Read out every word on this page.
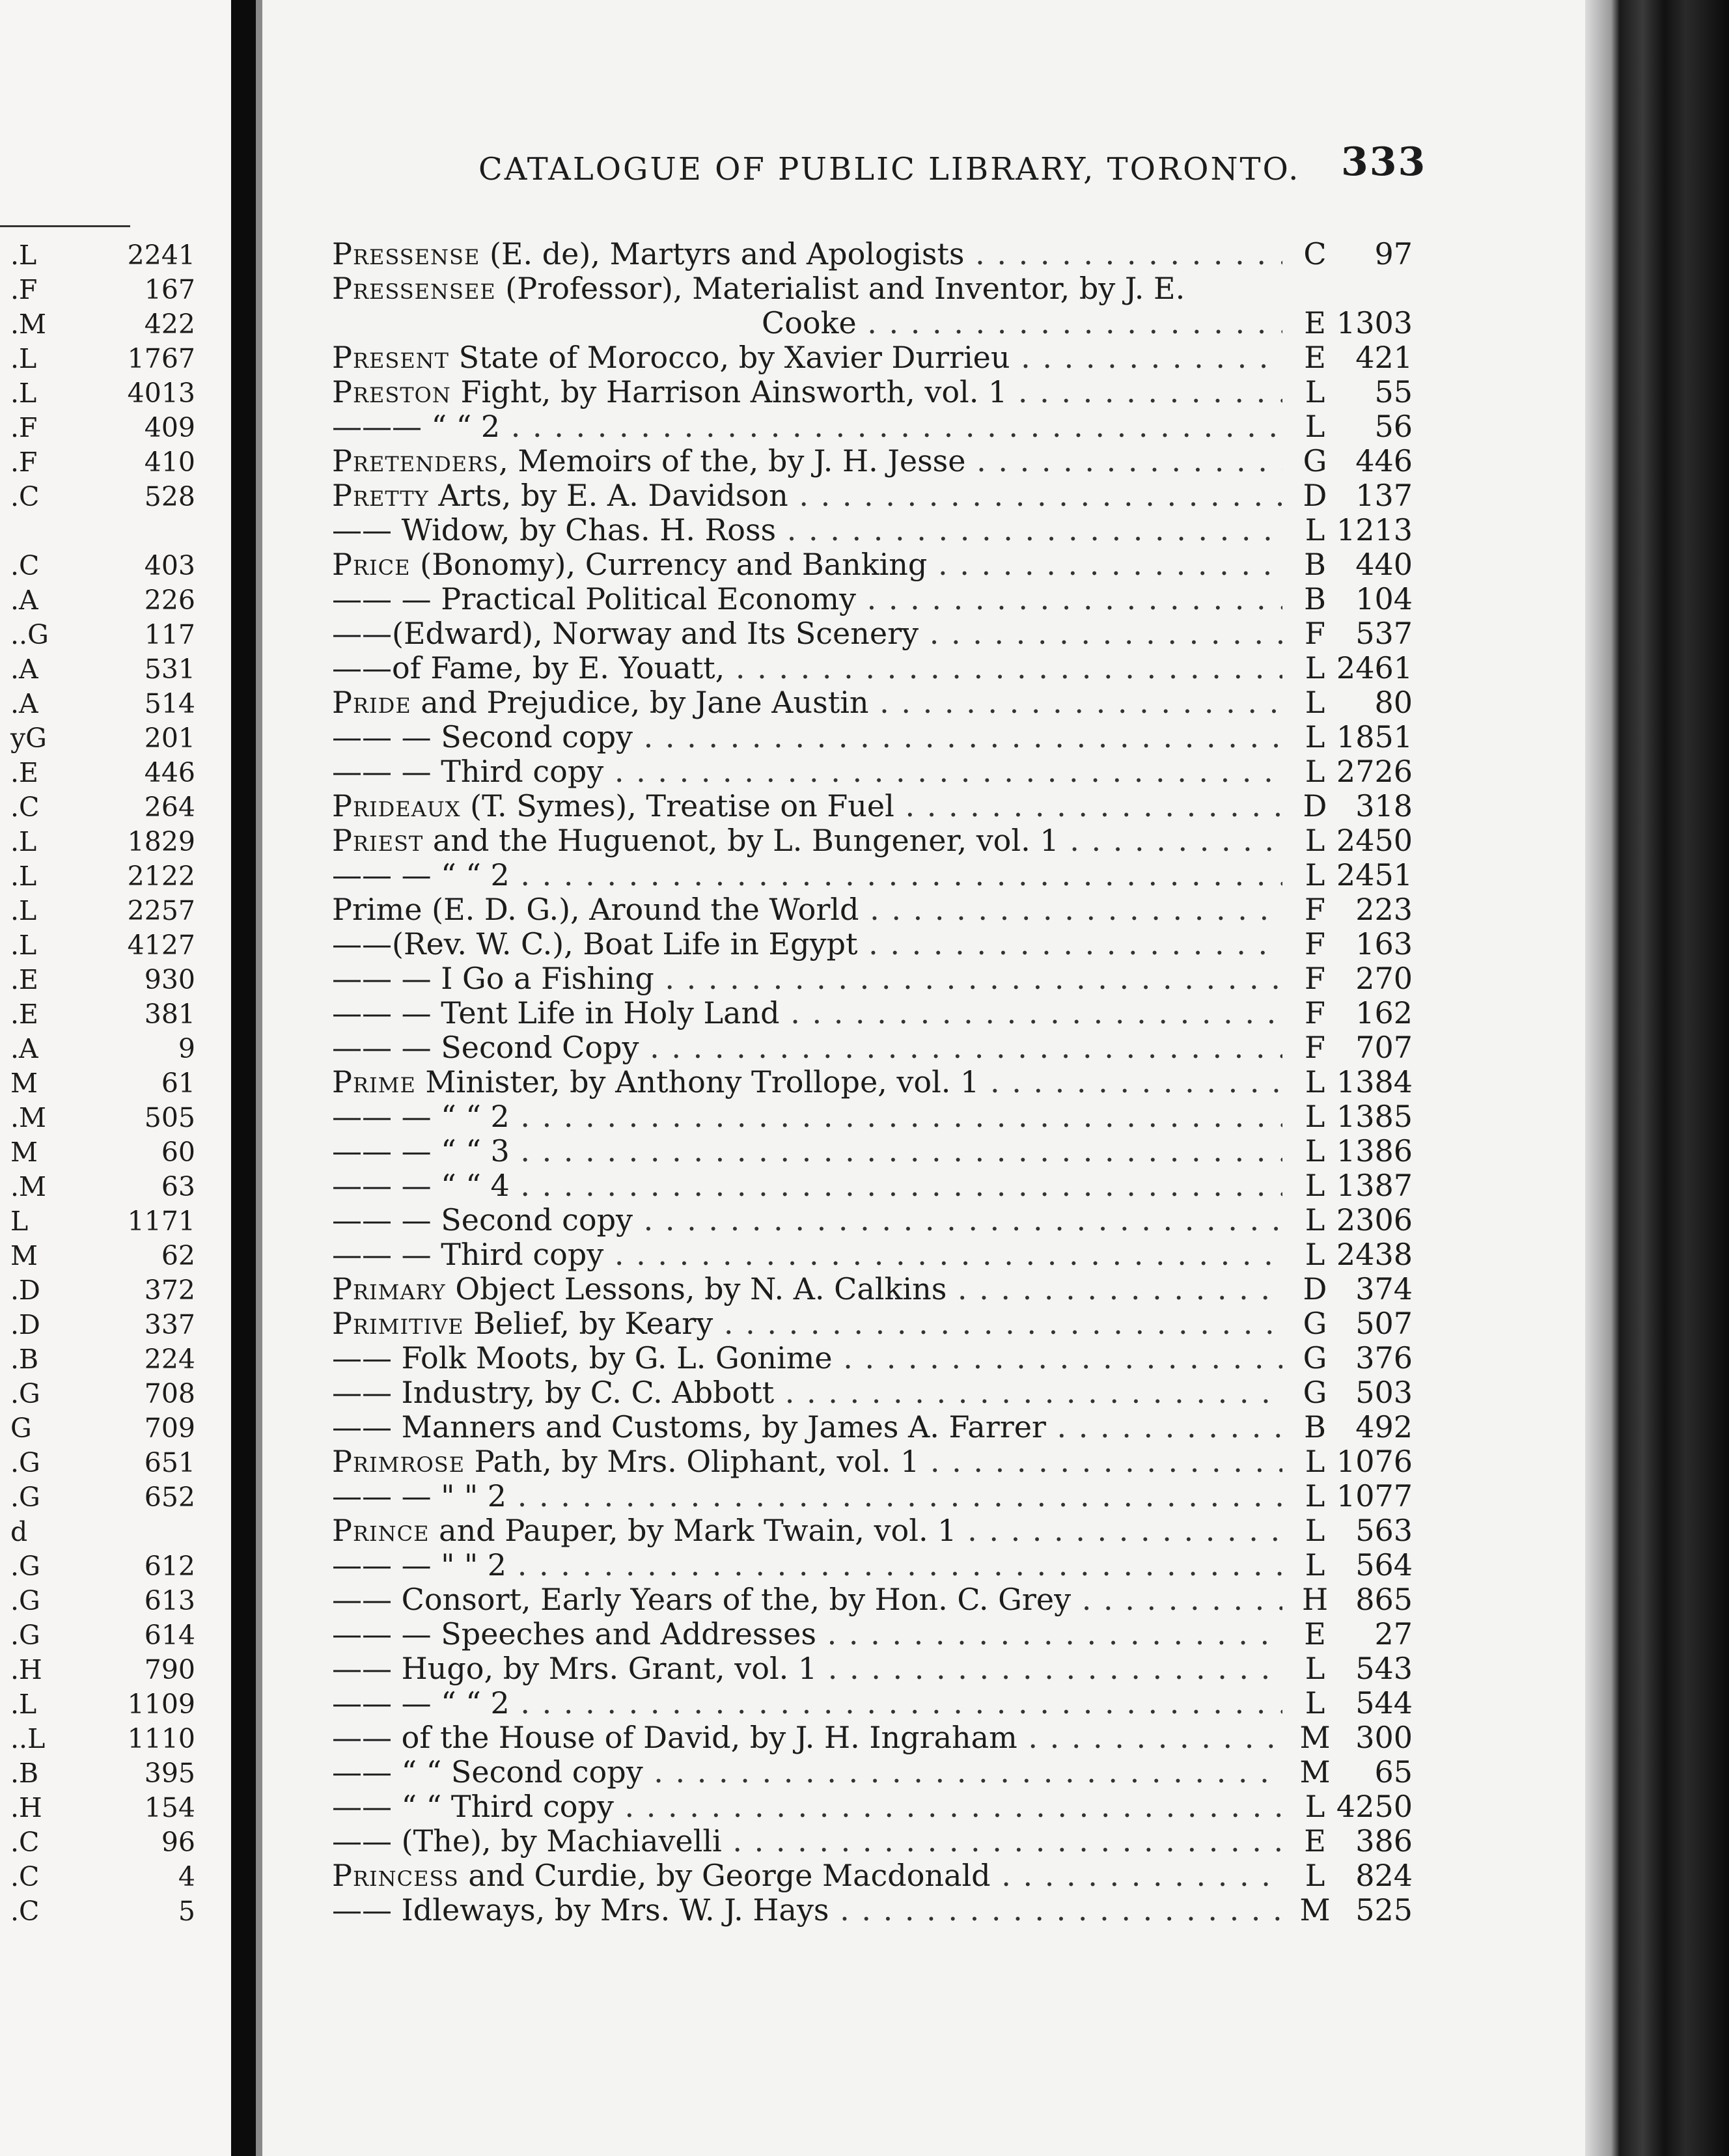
.L	2241
.F	167
.M	422
.L	1767
.L	4013
.F	409
.F	410
.C	528
.C	403
.A	226
..G	117
.A	531
.A	514
yG	201
.E	446
.C	264
.L	1829
.L	2122
.L	2257
.L	4127
.E	930
.E	381
.A	9
M	61
.M	505
M	60
.M	63
L	1171
M	62
.D	372
.D	337
.B	224
.G	708
G	709
.G	651
.G	652
d
.G	612
.G	613
.G	614
.H	790
.L	1109
..L	1110
.B	395
.H	154
.C	96
.C	4
.C	5
CATALOGUE OF PUBLIC LIBRARY, TORONTO. 333
Pressense (E. de), Martyrs and Apologists . . .	C	97
Pressensee (Professor), Materialist and Inventor, by J. E.
Cooke . . .	E 1303
Present State of Morocco, by Xavier Durrieu . . .	E 421
Preston Fight, by Harrison Ainsworth, vol. 1 . . .	L	55
——— “ “ 2 . . .	L	56
Pretenders, Memoirs of the, by J. H. Jesse . . .	G 446
Pretty Arts, by E. A. Davidson . . .	D 137
—— Widow, by Chas. H. Ross . . .	L 1213
Price (Bonomy), Currency and Banking . . .	B 440
—— — Practical Political Economy . . .	B 104
——(Edward), Norway and Its Scenery . . .	F	537
——of Fame, by E. Youatt, . . .	L 2461
Pride and Prejudice, by Jane Austin . . .	L	80
—— — Second copy . . .	L 1851
—— — Third copy . . .	L 2726
Prideaux (T. Symes), Treatise on Fuel . . .	D 318
Priest and the Huguenot, by L. Bungener, vol. 1 . . .	L 2450
—— — “ “ 2 . . .	L 2451
Prime (E. D. G.), Around the World . . .	F	223
——(Rev. W. C.), Boat Life in Egypt . . .	F	163
—— — I Go a Fishing . . .	F	270
—— — Tent Life in Holy Land . . .	F	162
—— — Second Copy . . .	F	707
Prime Minister, by Anthony Trollope, vol. 1 . . .	L 1384
—— — “ “ 2 . . .	L 1385
—— — “ “ 3 . . .	L 1386
—— — “ “ 4 . . .	L 1387
—— — Second copy . . .	L 2306
—— — Third copy . . .	L 2438
Primary Object Lessons, by N. A. Calkins . . .	D 374
Primitive Belief, by Keary . . .	G 507
—— Folk Moots, by G. L. Gonime . . .	G 376
—— Industry, by C. C. Abbott . . .	G 503
—— Manners and Customs, by James A. Farrer . . .	B 492
Primrose Path, by Mrs. Oliphant, vol. 1 . . .	L 1076
—— — " " 2 . . .	L 1077
Prince and Pauper, by Mark Twain, vol. 1 . . .	L	563
—— — " " 2 . . .	L	564
—— Consort, Early Years of the, by Hon. C. Grey . . .	H 865
—— — Speeches and Addresses . . .	E	27
—— Hugo, by Mrs. Grant, vol. 1 . . .	L	543
—— — “ “ 2 . . .	L	544
—— of the House of David, by J. H. Ingraham . . .	M 300
—— “ “ Second copy . . .	M	65
—— “ “ Third copy . . .	L 4250
—— (The), by Machiavelli . . .	E 386
Princess and Curdie, by George Macdonald . . .	L	824
—— Idleways, by Mrs. W. J. Hays . . .	M 525
